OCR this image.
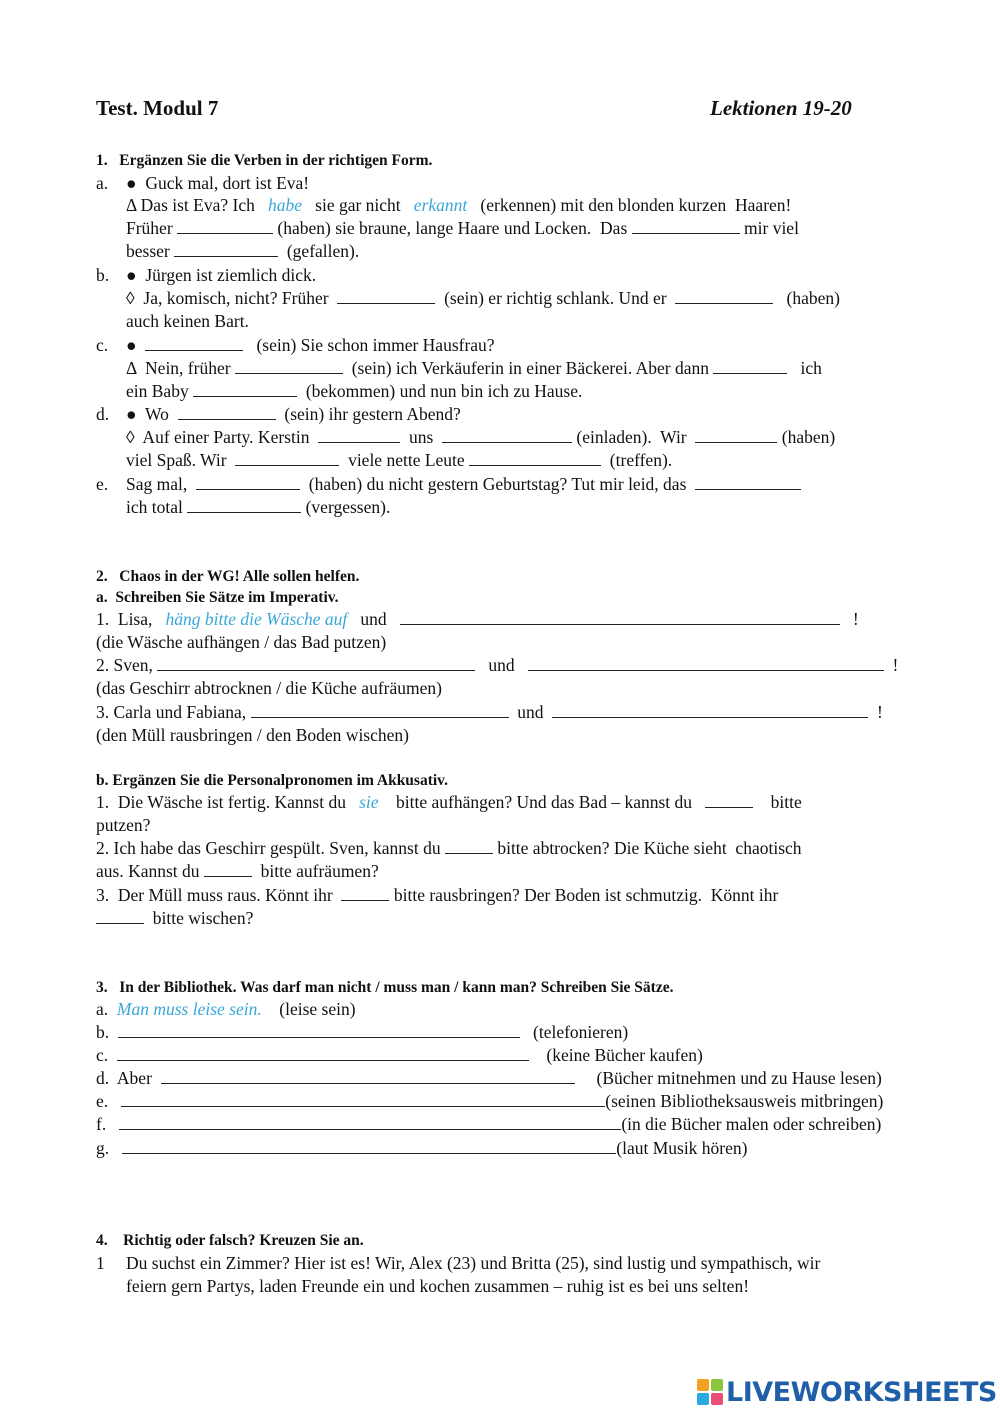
Test. Modul 7	Lektionen 19-20
1.   Ergänzen Sie die Verben in der richtigen Form.
a. ● Guck mal, dort ist Eva!
Δ Das ist Eva? Ich habe sie gar nicht erkannt (erkennen) mit den blonden kurzen  Haaren!
Früher	(haben) sie braune, lange Haare und Locken.  Das	mir viel
besser	(gefallen).
b. ● Jürgen ist ziemlich dick.
◊  Ja, komisch, nicht? Früher	(sein) er richtig schlank. Und er	(haben)
auch keinen Bart.
c. ●	(sein) Sie schon immer Hausfrau?
Δ  Nein, früher	(sein) ich Verkäuferin in einer Bäckerei. Aber dann	ich
ein Baby	(bekommen) und nun bin ich zu Hause.
d. ● Wo	(sein) ihr gestern Abend?
◊  Auf einer Party. Kerstin	uns	(einladen).  Wir	(haben)
viel Spaß. Wir	viele nette Leute	(treffen).
e. Sag mal,	(haben) du nicht gestern Geburtstag? Tut mir leid, das
ich total	(vergessen).
2.   Chaos in der WG! Alle sollen helfen.
a.  Schreiben Sie Sätze im Imperativ.
1.  Lisa, häng bitte die Wäsche auf und	!
(die Wäsche aufhängen / das Bad putzen)
2. Sven,	und	!
(das Geschirr abtrocknen / die Küche aufräumen)
3. Carla und Fabiana,	und	!
(den Müll rausbringen / den Boden wischen)
b. Ergänzen Sie die Personalpronomen im Akkusativ.
1.  Die Wäsche ist fertig. Kannst du sie bitte aufhängen? Und das Bad – kannst du	bitte
putzen?
2. Ich habe das Geschirr gespült. Sven, kannst du	bitte abtrocken? Die Küche sieht  chaotisch
aus. Kannst du	bitte aufräumen?
3.  Der Müll muss raus. Könnt ihr	bitte rausbringen? Der Boden ist schmutzig.  Könnt ihr
bitte wischen?
3.   In der Bibliothek. Was darf man nicht / muss man / kann man? Schreiben Sie Sätze.
a. Man muss leise sein. (leise sein)
b.	(telefonieren)
c.	(keine Bücher kaufen)
d.  Aber	(Bücher mitnehmen und zu Hause lesen)
e.	(seinen Bibliotheksausweis mitbringen)
f.	(in die Bücher malen oder schreiben)
g.	(laut Musik hören)
4.    Richtig oder falsch? Kreuzen Sie an.
1 Du suchst ein Zimmer? Hier ist es! Wir, Alex (23) und Britta (25), sind lustig und sympathisch, wir
feiern gern Partys, laden Freunde ein und kochen zusammen – ruhig ist es bei uns selten!
LIVEWORKSHEETS
